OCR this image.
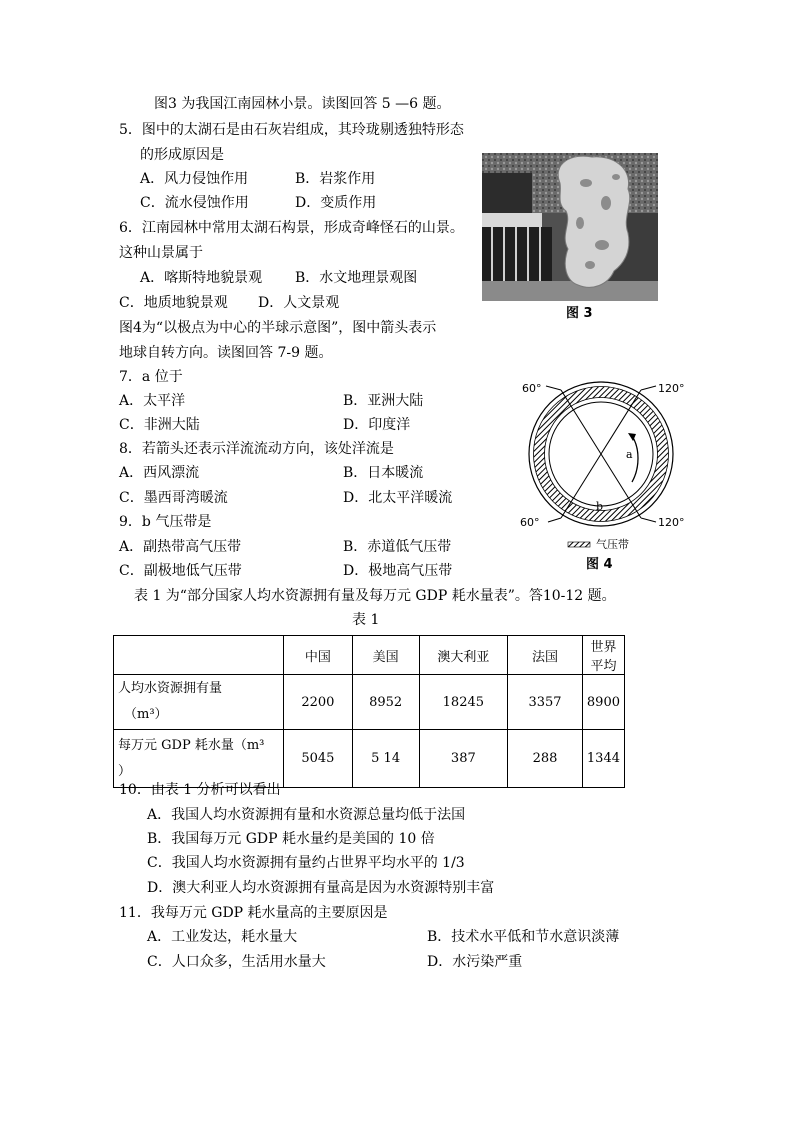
图3 为我国江南园林小景。读图回答 5 —6 题。
5．图中的太湖石是由石灰岩组成，其玲珑剔透独特形态
的形成原因是
A．风力侵蚀作用	B．岩浆作用
C．流水侵蚀作用	D．变质作用
6．江南园林中常用太湖石构景，形成奇峰怪石的山景。
这种山景属于
A．喀斯特地貌景观 B．水文地理景观图
C．地质地貌景观 D．人文景观
图4为“以极点为中心的半球示意图”，图中箭头表示
地球自转方向。读图回答 7-9 题。
7．a 位于
A．太平洋	B．亚洲大陆
C．非洲大陆	D．印度洋
8．若箭头还表示洋流流动方向，该处洋流是
A．西风漂流	B．日本暖流
C．墨西哥湾暖流	D．北太平洋暖流
9．b 气压带是
A．副热带高气压带	B．赤道低气压带
C．副极地低气压带	D．极地高气压带
表 1 为“部分国家人均水资源拥有量及每万元 GDP 耗水量表”。答10-12 题。
表 1
图 3
a
b
60°	120°
60°	120°
气压带
图 4
	中国	美国	澳大利亚	法国	世界平均

人均水资源拥有量
（m³）	2200	8952	18245	3357	8900

每万元 GDP 耗水量（m³
）	5045	5 14	387	288	1344
10．由表 1 分析可以看出
A．我国人均水资源拥有量和水资源总量均低于法国
B．我国每万元 GDP 耗水量约是美国的 10 倍
C．我国人均水资源拥有量约占世界平均水平的 1/3
D．澳大利亚人均水资源拥有量高是因为水资源特别丰富
11．我每万元 GDP 耗水量高的主要原因是
A．工业发达，耗水量大	B．技术水平低和节水意识淡薄
C．人口众多，生活用水量大	D．水污染严重
